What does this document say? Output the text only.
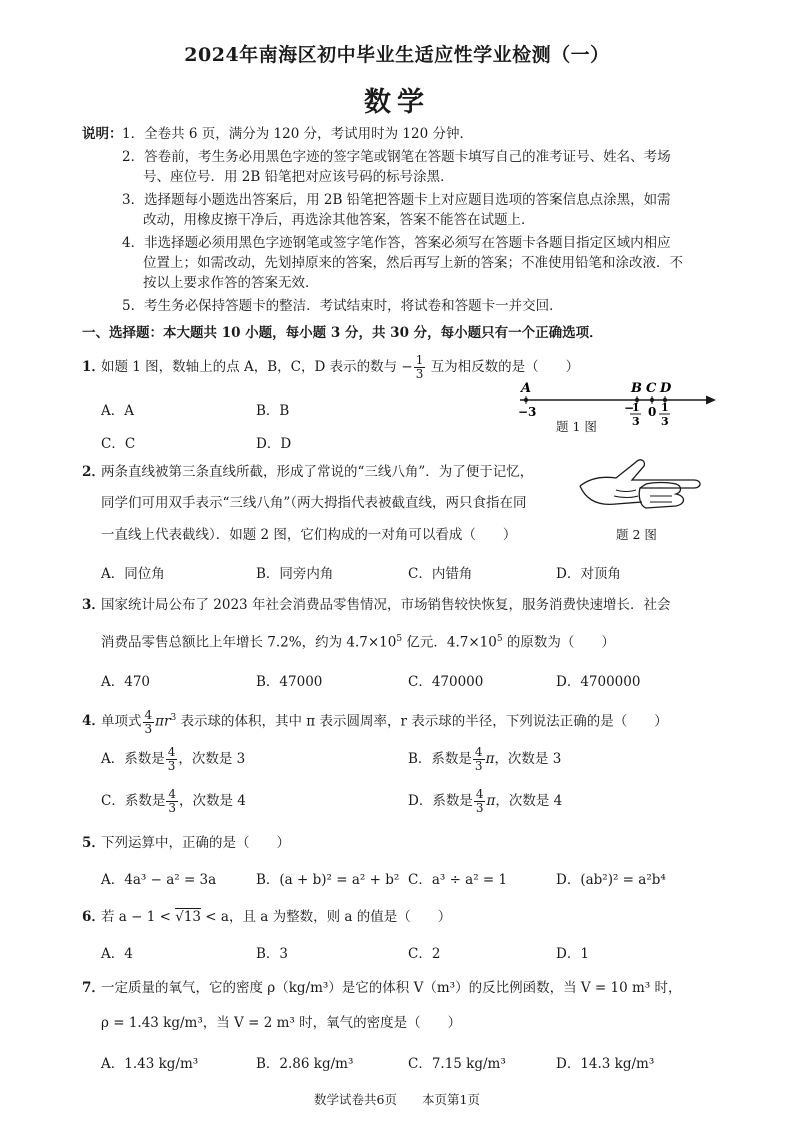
2024年南海区初中毕业生适应性学业检测（一）
数学
说明： 1．全卷共 6 页，满分为 120 分，考试用时为 120 分钟．
2．答卷前，考生务必用黑色字迹的签字笔或钢笔在答题卡填写自己的准考证号、姓名、考场
号、座位号．用 2B 铅笔把对应该号码的标号涂黑．
3．选择题每小题选出答案后，用 2B 铅笔把答题卡上对应题目选项的答案信息点涂黑，如需
改动，用橡皮擦干净后，再选涂其他答案，答案不能答在试题上．
4．非选择题必须用黑色字迹钢笔或签字笔作答，答案必须写在答题卡各题目指定区域内相应
位置上；如需改动，先划掉原来的答案，然后再写上新的答案；不准使用铅笔和涂改液．不
按以上要求作答的答案无效．
5．考生务必保持答题卡的整洁．考试结束时，将试卷和答题卡一并交回．
一、选择题：本大题共 10 小题，每小题 3 分，共 30 分，每小题只有一个正确选项．
1．
如题 1 图，数轴上的点 A，B，C，D 表示的数与 − $\frac{1}{3}$ 互为相反数的是（　　）
A．A	B．B
C．C	D．D
A	B C D
−3	−
1
3
0 1
3
题 1 图
2．
两条直线被第三条直线所截，形成了常说的“三线八角”．为了便于记忆，
同学们可用双手表示“三线八角”（两大拇指代表被截直线，两只食指在同
一直线上代表截线）．如题 2 图，它们构成的一对角可以看成（　　）
A．同位角	B．同旁内角	C．内错角	D．对顶角
题 2 图
3．
国家统计局公布了 2023 年社会消费品零售情况，市场销售较快恢复，服务消费快速增长．社会
消费品零售总额比上年增长 7.2%，约为 $4.7\times 10^5$ 亿元．$4.7\times 10^5$ 的原数为（　　）
A．470	B．47000	C．470000	D．4700000
4．
单项式 $\frac{4}{3} \pi r^3$ 表示球的体积，其中 π 表示圆周率，r 表示球的半径，下列说法正确的是（　　）
A．系数是 $\frac{4}{3}$ ，次数是 3	B．系数是 $\frac{4}{3}$ π，次数是 3
C．系数是 $\frac{4}{3}$ ，次数是 4	D．系数是 $\frac{4}{3}$ π，次数是 4
5．
下列运算中，正确的是（　　）
A．4a³ − a² = 3a	B．(a + b)² = a² + b² C．a³ ÷ a² = 1	D．(ab²)² = a²b⁴
6．
若 a − 1 < √13 < a，且 a 为整数，则 a 的值是（　　）
A．4	B．3	C．2	D．1
7．
一定质量的氧气，它的密度 ρ（kg/m³）是它的体积 V（m³）的反比例函数，当 V = 10 m³ 时，
ρ = 1.43 kg/m³，当 V = 2 m³ 时，氧气的密度是（　　）
A．1.43 kg/m³	B．2.86 kg/m³	C．7.15 kg/m³	D．14.3 kg/m³
数学试卷共6页　　本页第1页
